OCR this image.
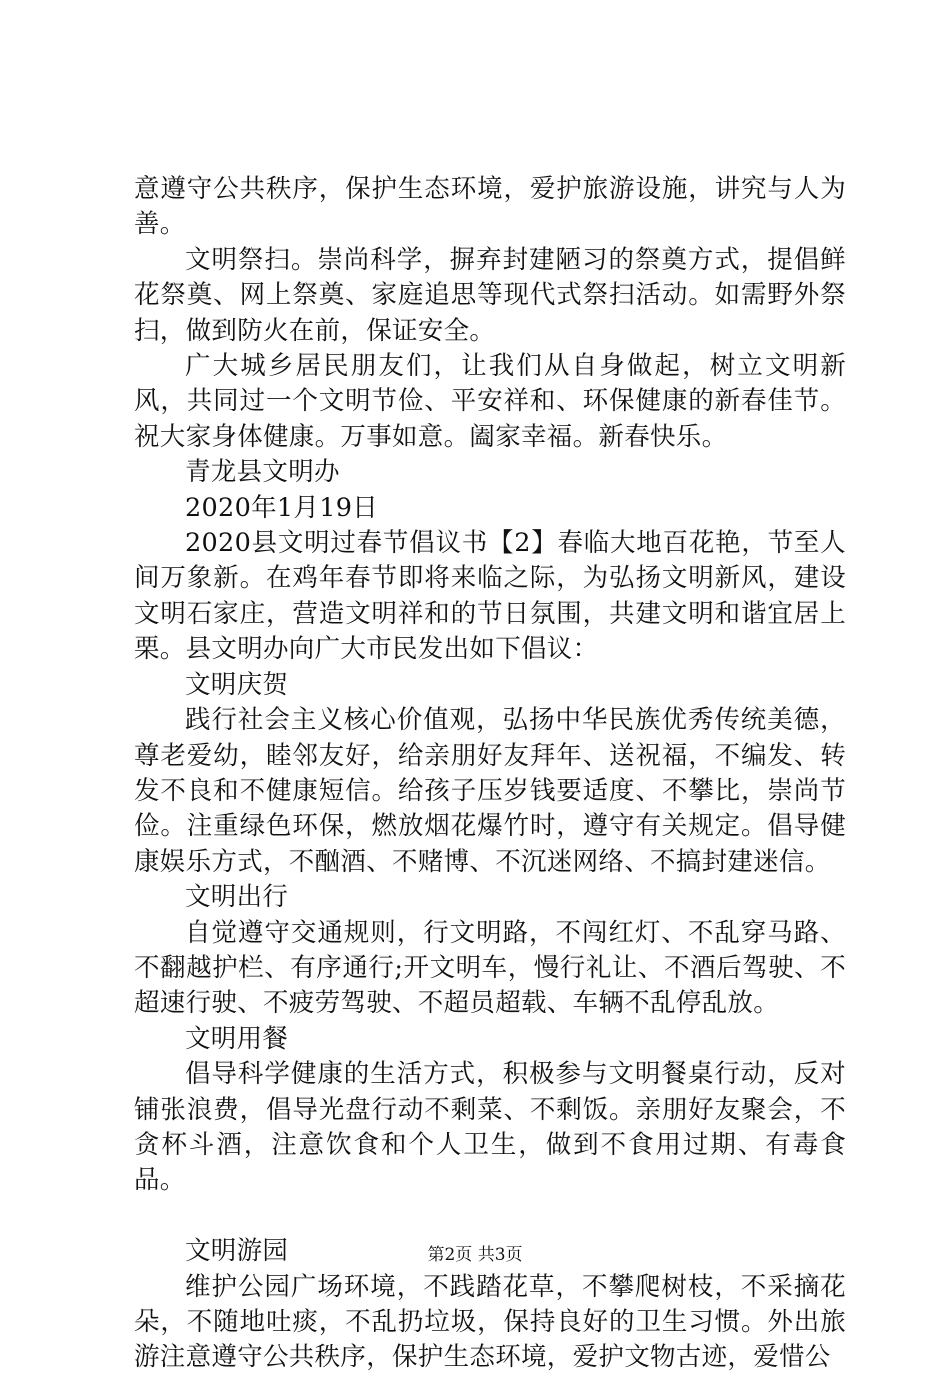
意遵守公共秩序，保护生态环境，爱护旅游设施，讲究与人为善。

文明祭扫。崇尚科学，摒弃封建陋习的祭奠方式，提倡鲜花祭奠、网上祭奠、家庭追思等现代式祭扫活动。如需野外祭扫，做到防火在前，保证安全。

广大城乡居民朋友们，让我们从自身做起，树立文明新风，共同过一个文明节俭、平安祥和、环保健康的新春佳节。祝大家身体健康。万事如意。阖家幸福。新春快乐。

青龙县文明办

2020年1月19日

2020县文明过春节倡议书【2】春临大地百花艳，节至人间万象新。在鸡年春节即将来临之际，为弘扬文明新风，建设文明石家庄，营造文明祥和的节日氛围，共建文明和谐宜居上栗。县文明办向广大市民发出如下倡议：

文明庆贺

践行社会主义核心价值观，弘扬中华民族优秀传统美德，尊老爱幼，睦邻友好，给亲朋好友拜年、送祝福，不编发、转发不良和不健康短信。给孩子压岁钱要适度、不攀比，崇尚节俭。注重绿色环保，燃放烟花爆竹时，遵守有关规定。倡导健康娱乐方式，不酗酒、不赌博、不沉迷网络、不搞封建迷信。

文明出行

自觉遵守交通规则，行文明路，不闯红灯、不乱穿马路、不翻越护栏、有序通行;开文明车，慢行礼让、不酒后驾驶、不超速行驶、不疲劳驾驶、不超员超载、车辆不乱停乱放。

文明用餐

倡导科学健康的生活方式，积极参与文明餐桌行动，反对铺张浪费，倡导光盘行动不剩菜、不剩饭。亲朋好友聚会，不贪杯斗酒，注意饮食和个人卫生，做到不食用过期、有毒食品。

文明游园

维护公园广场环境，不践踏花草，不攀爬树枝，不采摘花朵，不随地吐痰，不乱扔垃圾，保持良好的卫生习惯。外出旅游注意遵守公共秩序，保护生态环境，爱护文物古迹，爱惜公

第2页 共3页
